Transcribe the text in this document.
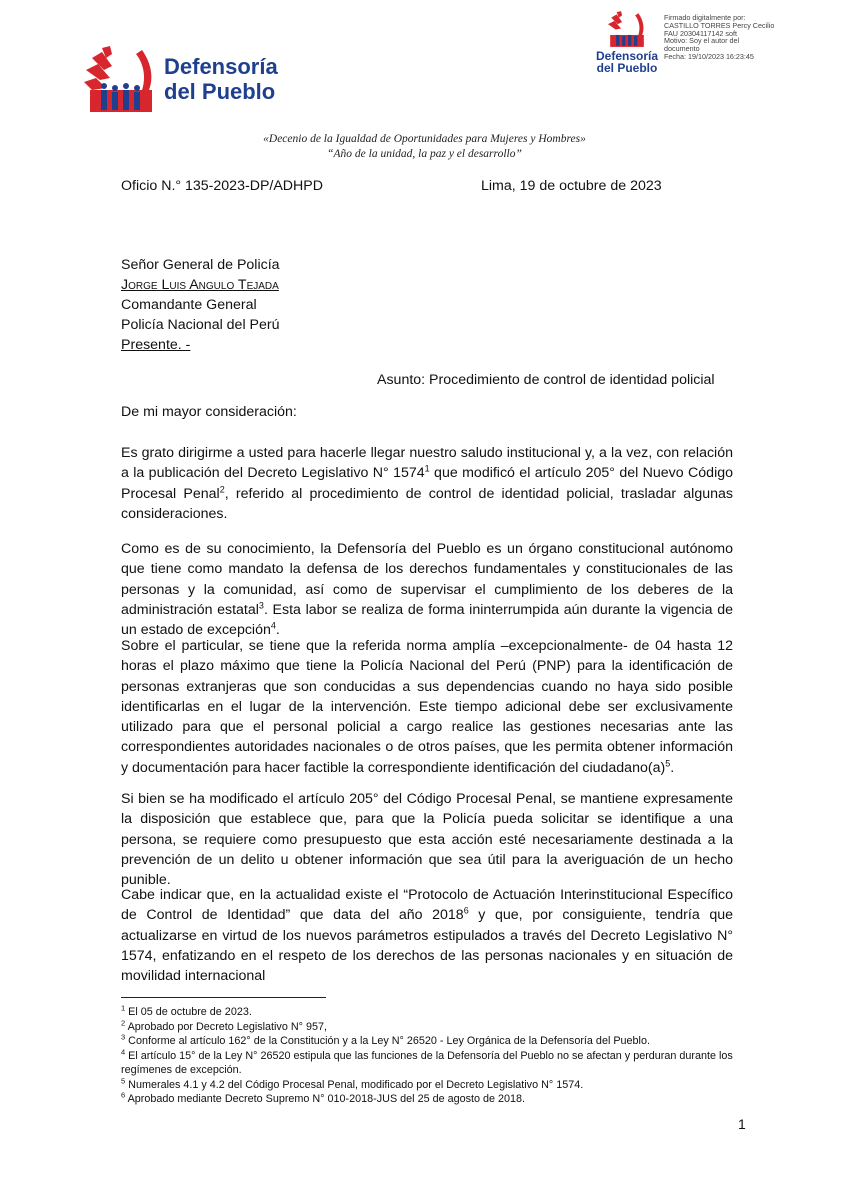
Defensoría
del Pueblo
Defensoría
del Pueblo
Firmado digitalmente por:
CASTILLO TORRES Percy Cecilio
FAU 20304117142 soft
Motivo: Soy el autor del
documento
Fecha: 19/10/2023 16:23:45
«Decenio de la Igualdad de Oportunidades para Mujeres y Hombres»
“Año de la unidad, la paz y el desarrollo”
Oficio N.° 135-2023-DP/ADHPD	Lima, 19 de octubre de 2023
Señor General de Policía
Jorge Luis Angulo Tejada
Comandante General
Policía Nacional del Perú
Presente. -
Asunto: Procedimiento de control de identidad policial
De mi mayor consideración:
Es grato dirigirme a usted para hacerle llegar nuestro saludo institucional y, a la vez, con relación a la publicación del Decreto Legislativo N° 1574$^1$ que modificó el artículo 205° del Nuevo Código Procesal Penal$^2$, referido al procedimiento de control de identidad policial, trasladar algunas consideraciones.
Como es de su conocimiento, la Defensoría del Pueblo es un órgano constitucional autónomo que tiene como mandato la defensa de los derechos fundamentales y constitucionales de las personas y la comunidad, así como de supervisar el cumplimiento de los deberes de la administración estatal$^3$. Esta labor se realiza de forma ininterrumpida aún durante la vigencia de un estado de excepción$^4$.
Sobre el particular, se tiene que la referida norma amplía –excepcionalmente- de 04 hasta 12 horas el plazo máximo que tiene la Policía Nacional del Perú (PNP) para la identificación de personas extranjeras que son conducidas a sus dependencias cuando no haya sido posible identificarlas en el lugar de la intervención. Este tiempo adicional debe ser exclusivamente utilizado para que el personal policial a cargo realice las gestiones necesarias ante las correspondientes autoridades nacionales o de otros países, que les permita obtener información y documentación para hacer factible la correspondiente identificación del $ciudadano(a)^5$.
Si bien se ha modificado el artículo 205° del Código Procesal Penal, se mantiene expresamente la disposición que establece que, para que la Policía pueda solicitar se identifique a una persona, se requiere como presupuesto que esta acción esté necesariamente destinada a la prevención de un delito u obtener información que sea útil para la averiguación de un hecho punible.
Cabe indicar que, en la actualidad existe el “Protocolo de Actuación Interinstitucional Específico de Control de Identidad” que data del año 2018$^6$ y que, por consiguiente, tendría que actualizarse en virtud de los nuevos parámetros estipulados a través del Decreto Legislativo N° 1574, enfatizando en el respeto de los derechos de las personas nacionales y en situación de movilidad internacional
$^1$ El 05 de octubre de 2023.
$^2$ Aprobado por Decreto Legislativo N° 957,
$^3$ Conforme al artículo 162° de la Constitución y a la Ley N° 26520 - Ley Orgánica de la Defensoría del Pueblo.
$^4$ El artículo 15° de la Ley N° 26520 estipula que las funciones de la Defensoría del Pueblo no se afectan y perduran durante los regímenes de excepción.
$^5$ Numerales 4.1 y 4.2 del Código Procesal Penal, modificado por el Decreto Legislativo N° 1574.
$^6$ Aprobado mediante Decreto Supremo N° 010-2018-JUS del 25 de agosto de 2018.
1
